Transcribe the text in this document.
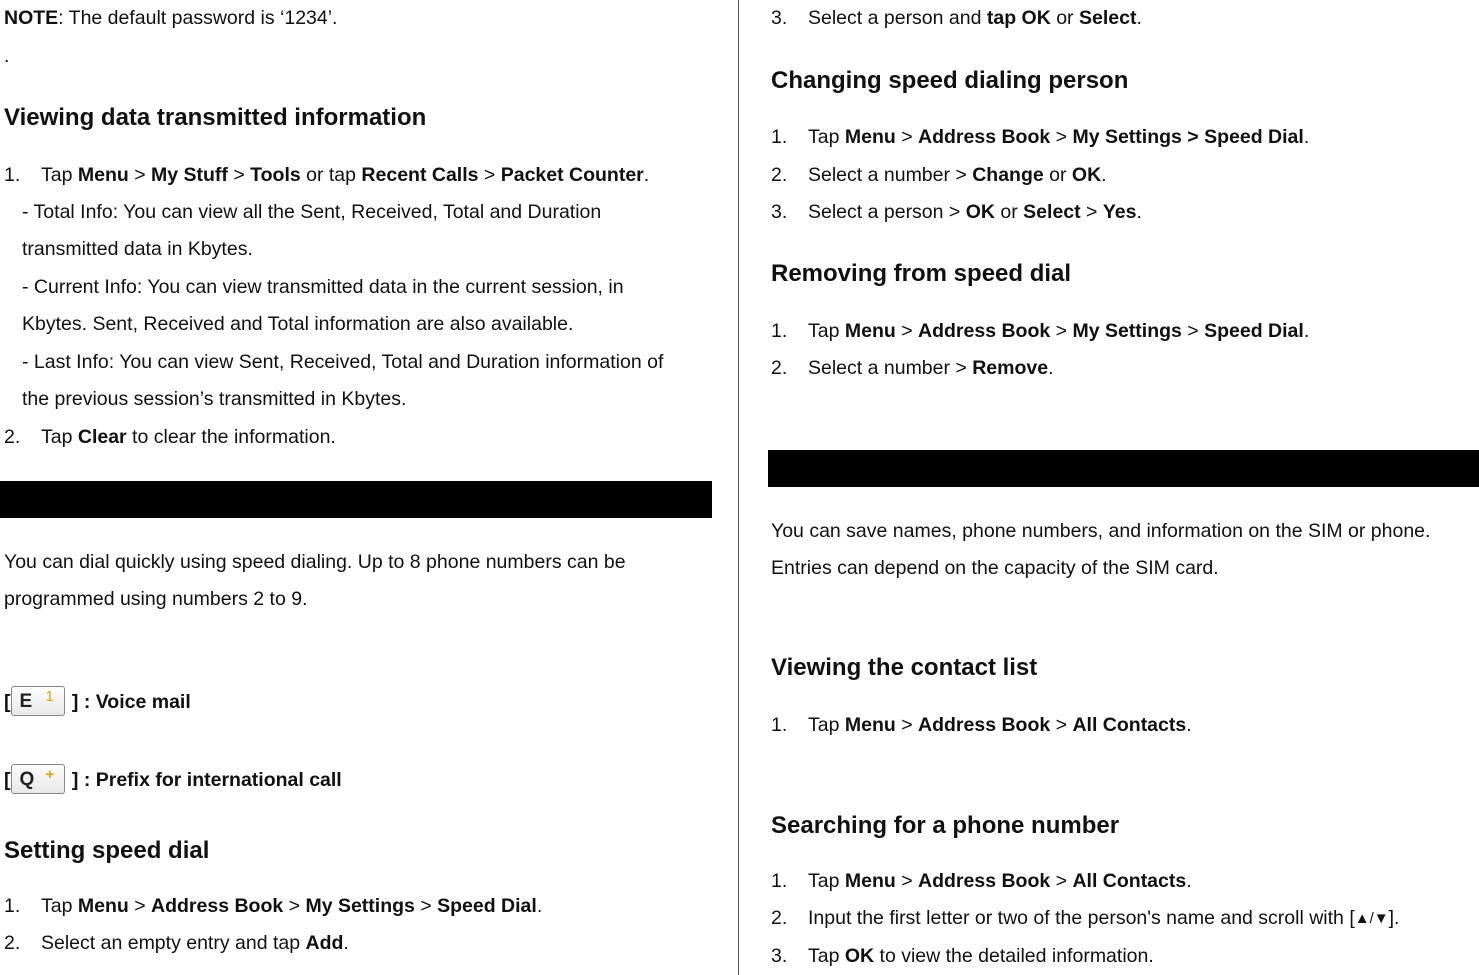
NOTE: The default password is ‘1234’.
.
Viewing data transmitted information
1. Tap Menu > My Stuff > Tools or tap Recent Calls > Packet Counter.
- Total Info: You can view all the Sent, Received, Total and Duration
transmitted data in Kbytes.
- Current Info: You can view transmitted data in the current session, in
Kbytes. Sent, Received and Total information are also available.
- Last Info: You can view Sent, Received, Total and Duration information of
the previous session’s transmitted in Kbytes.
2. Tap Clear to clear the information.
You can dial quickly using speed dialing. Up to 8 phone numbers can be
programmed using numbers 2 to 9.
[ E 1 ] : Voice mail
[ Q + ] : Prefix for international call
Setting speed dial
1. Tap Menu > Address Book > My Settings > Speed Dial.
2. Select an empty entry and tap Add.
3. Select a person and tap OK or Select.
Changing speed dialing person
1. Tap Menu > Address Book > My Settings > Speed Dial.
2. Select a number > Change or OK.
3. Select a person > OK or Select > Yes.
Removing from speed dial
1. Tap Menu > Address Book > My Settings > Speed Dial.
2. Select a number > Remove.
You can save names, phone numbers, and information on the SIM or phone.
Entries can depend on the capacity of the SIM card.
Viewing the contact list
1. Tap Menu > Address Book > All Contacts.
Searching for a phone number
1. Tap Menu > Address Book > All Contacts.
2. Input the first letter or two of the person's name and scroll with [▲/▼].
3. Tap OK to view the detailed information.
